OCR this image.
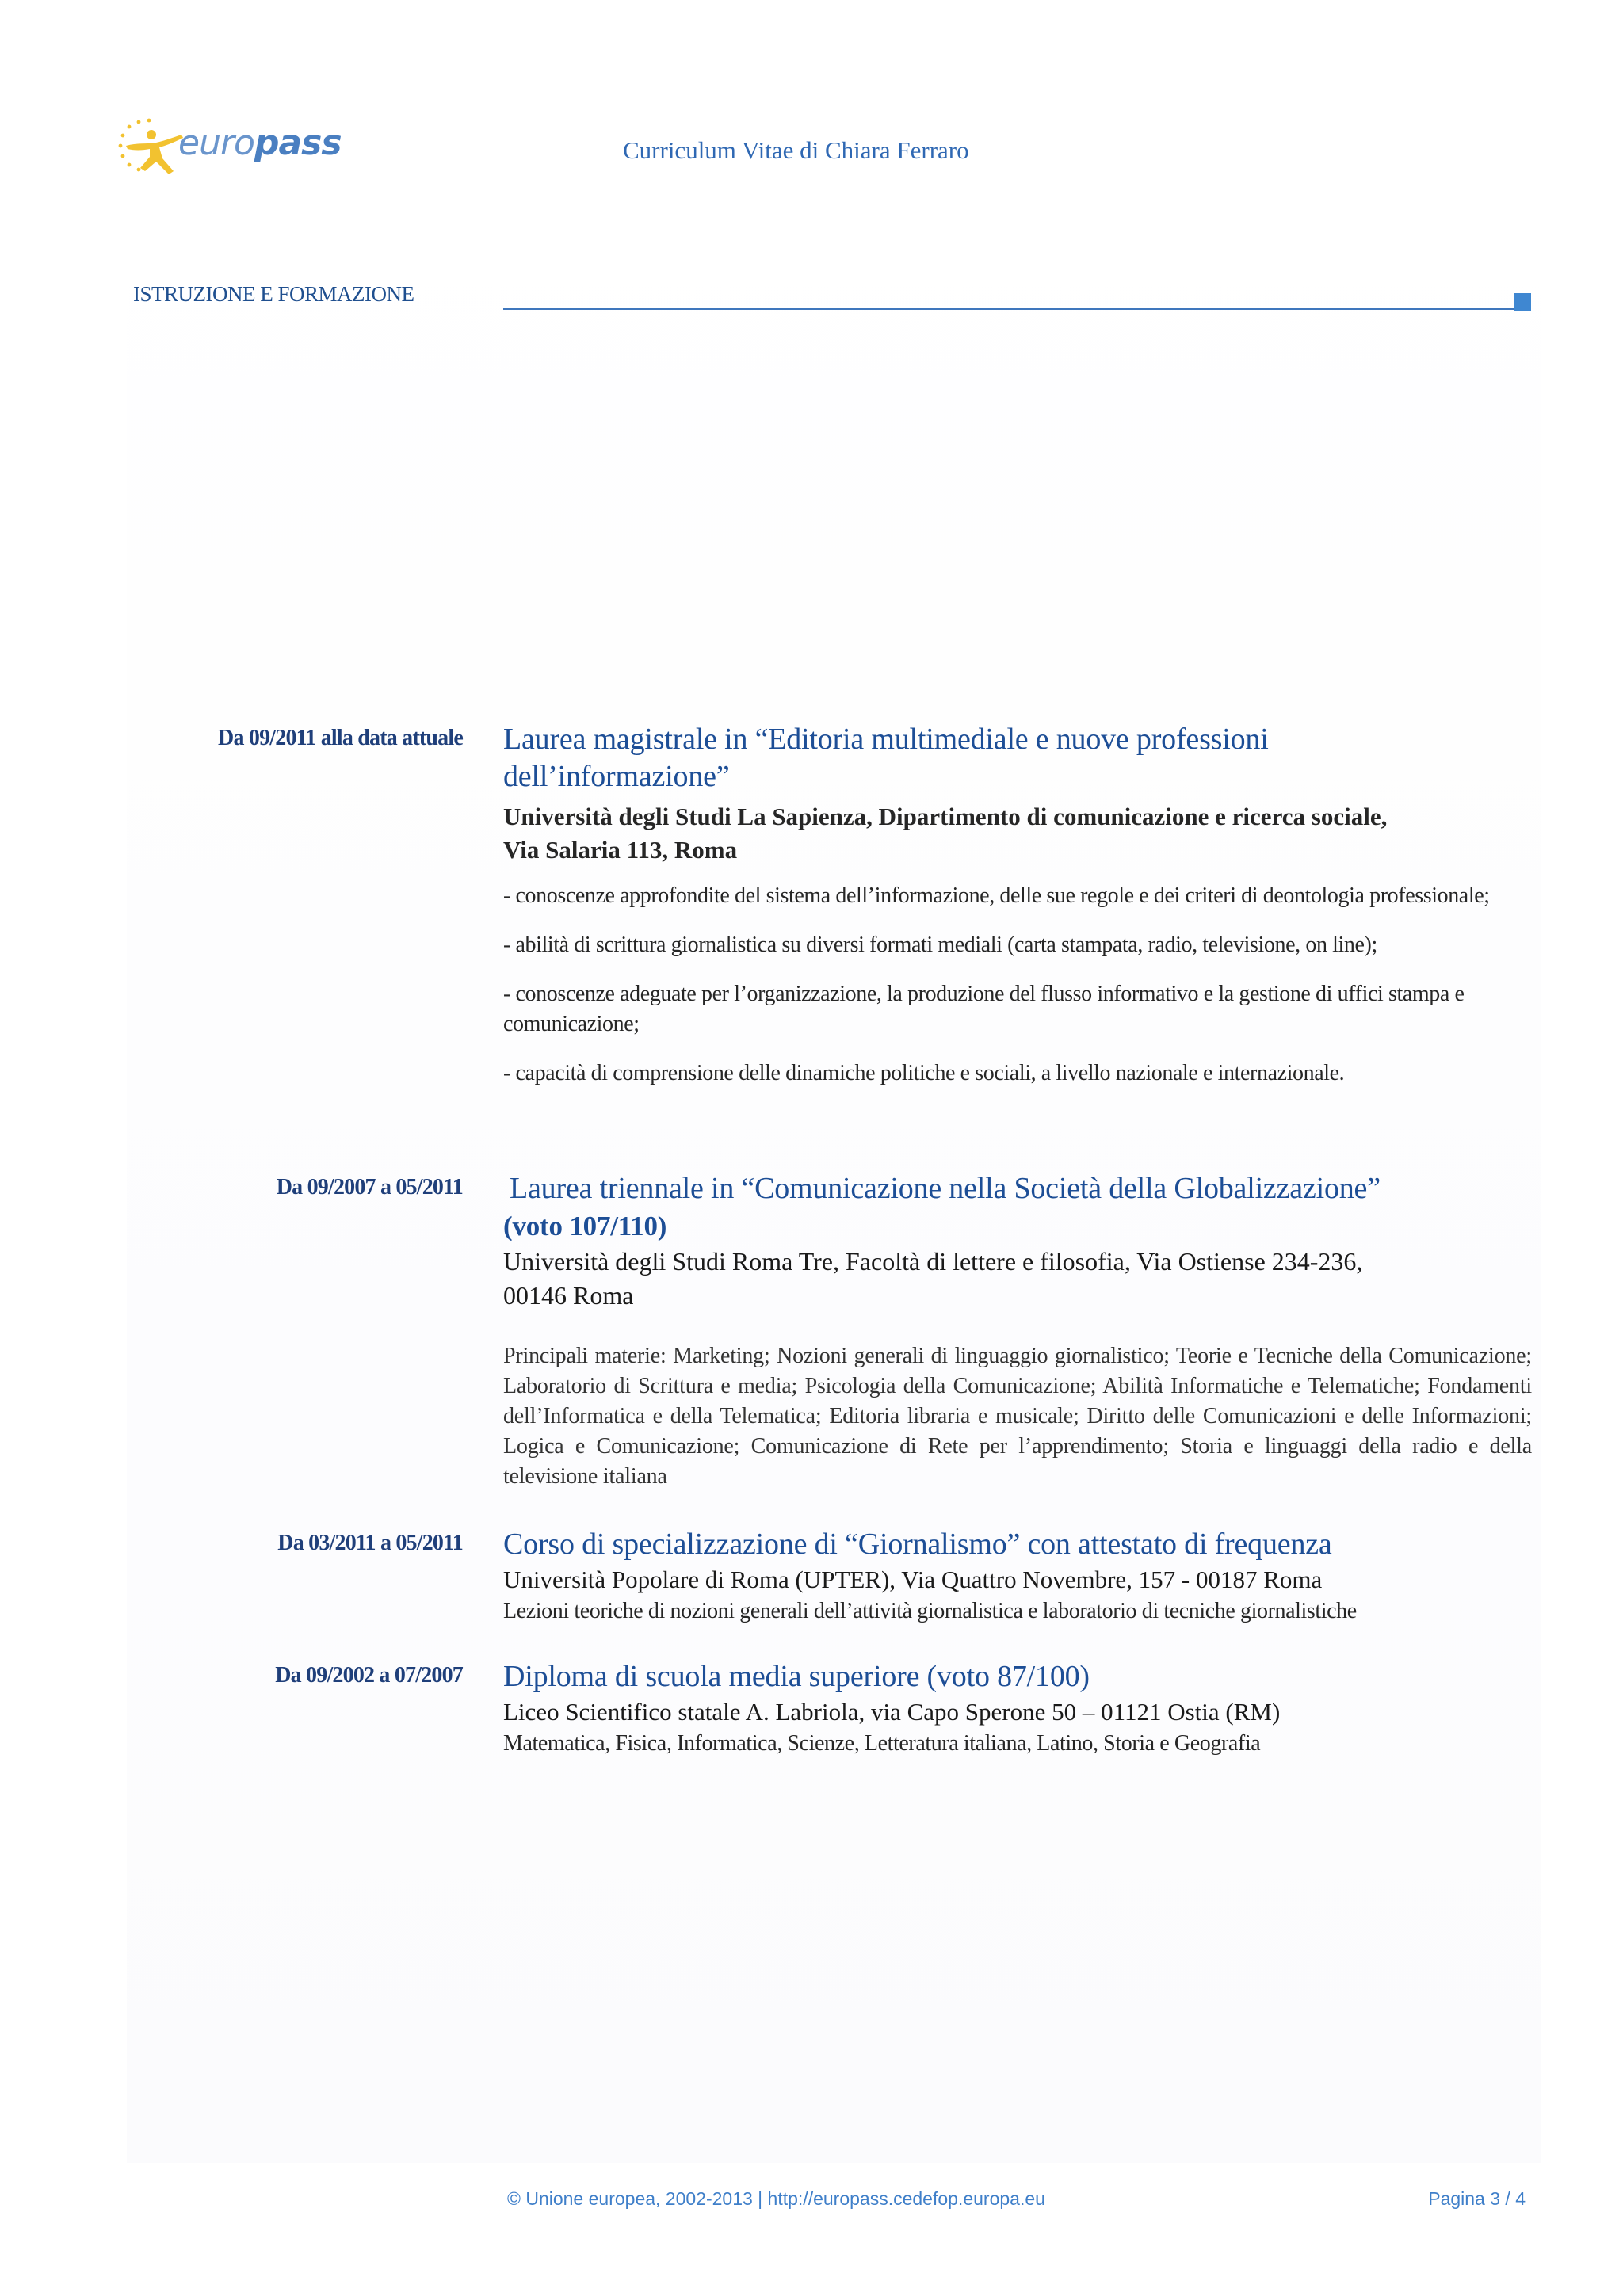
europass	Curriculum Vitae di Chiara Ferraro
ISTRUZIONE E FORMAZIONE
Da 09/2011 alla data attuale Laurea magistrale in “Editoria multimediale e nuove professioni
dell’informazione”

Università degli Studi La Sapienza, Dipartimento di comunicazione e ricerca sociale,
Via Salaria 113, Roma

- conoscenze approfondite del sistema dell’informazione, delle sue regole e dei criteri di deontologia professionale;

- abilità di scrittura giornalistica su diversi formati mediali (carta stampata, radio, televisione, on line);

- conoscenze adeguate per l’organizzazione, la produzione del flusso informativo e la gestione di uffici stampa e comunicazione;

- capacità di comprensione delle dinamiche politiche e sociali, a livello nazionale e internazionale.

Da 09/2007 a 05/2011 Laurea triennale in “Comunicazione nella Società della Globalizzazione”

(voto 107/110)

Università degli Studi Roma Tre, Facoltà di lettere e filosofia, Via Ostiense 234-236,
00146 Roma

Principali materie: Marketing; Nozioni generali di linguaggio giornalistico; Teorie e Tecniche della Comunicazione; Laboratorio di Scrittura e media; Psicologia della Comunicazione; Abilità Informatiche e Telematiche; Fondamenti dell’Informatica e della Telematica; Editoria libraria e musicale; Diritto delle Comunicazioni e delle Informazioni; Logica e Comunicazione; Comunicazione di Rete per l’apprendimento; Storia e linguaggi della radio e della televisione italiana

Da 03/2011 a 05/2011 Corso di specializzazione di “Giornalismo” con attestato di frequenza

Università Popolare di Roma (UPTER), Via Quattro Novembre, 157 - 00187 Roma

Lezioni teoriche di nozioni generali dell’attività giornalistica e laboratorio di tecniche giornalistiche

Da 09/2002 a 07/2007 Diploma di scuola media superiore (voto 87/100)

Liceo Scientifico statale A. Labriola, via Capo Sperone 50 – 01121 Ostia (RM)

Matematica, Fisica, Informatica, Scienze, Letteratura italiana, Latino, Storia e Geografia

© Unione europea, 2002-2013 | http://europass.cedefop.europa.eu	Pagina 3 / 4
